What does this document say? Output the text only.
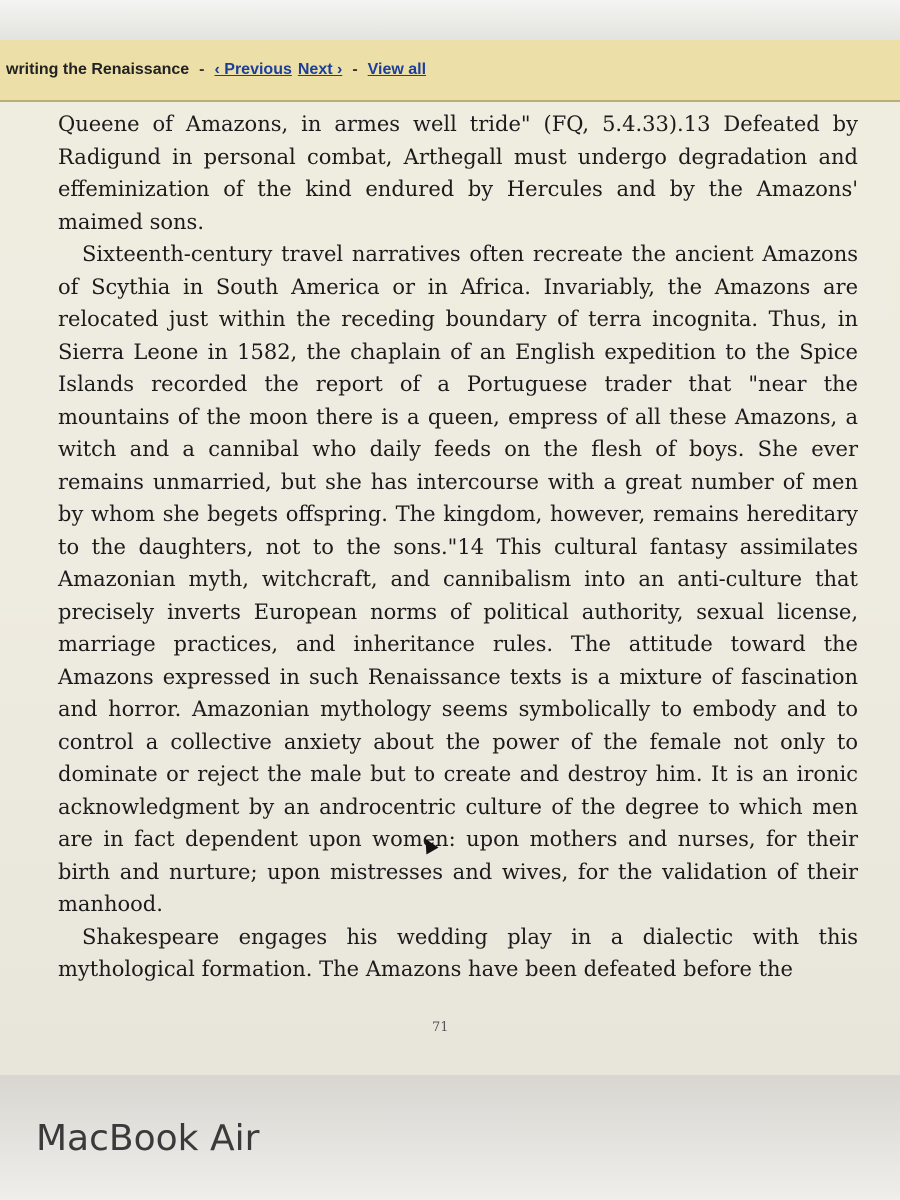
writing the Renaissance - ‹ Previous Next › - View all

Queene of Amazons, in armes well tride" (FQ, 5.4.33).13 Defeated by Radigund in personal combat, Arthegall must undergo degradation and effeminization of the kind endured by Hercules and by the Amazons' maimed sons.

Sixteenth-century travel narratives often recreate the ancient Amazons of Scythia in South America or in Africa. Invariably, the Amazons are relocated just within the receding boundary of terra incognita. Thus, in Sierra Leone in 1582, the chaplain of an English expedition to the Spice Islands recorded the report of a Portuguese trader that "near the mountains of the moon there is a queen, empress of all these Amazons, a witch and a cannibal who daily feeds on the flesh of boys. She ever remains unmarried, but she has intercourse with a great number of men by whom she begets offspring. The kingdom, however, remains hereditary to the daughters, not to the sons."14 This cultural fantasy assimilates Amazonian myth, witchcraft, and cannibalism into an anti-culture that precisely inverts European norms of political authority, sexual license, marriage practices, and inheritance rules. The attitude toward the Amazons expressed in such Renaissance texts is a mixture of fascination and horror. Amazonian mythology seems symbolically to embody and to control a collective anxiety about the power of the female not only to dominate or reject the male but to create and destroy him. It is an ironic acknowledgment by an androcentric culture of the degree to which men are in fact dependent upon women: upon mothers and nurses, for their birth and nurture; upon mistresses and wives, for the validation of their manhood.

Shakespeare engages his wedding play in a dialectic with this mythological formation. The Amazons have been defeated before the

71
MacBook Air
